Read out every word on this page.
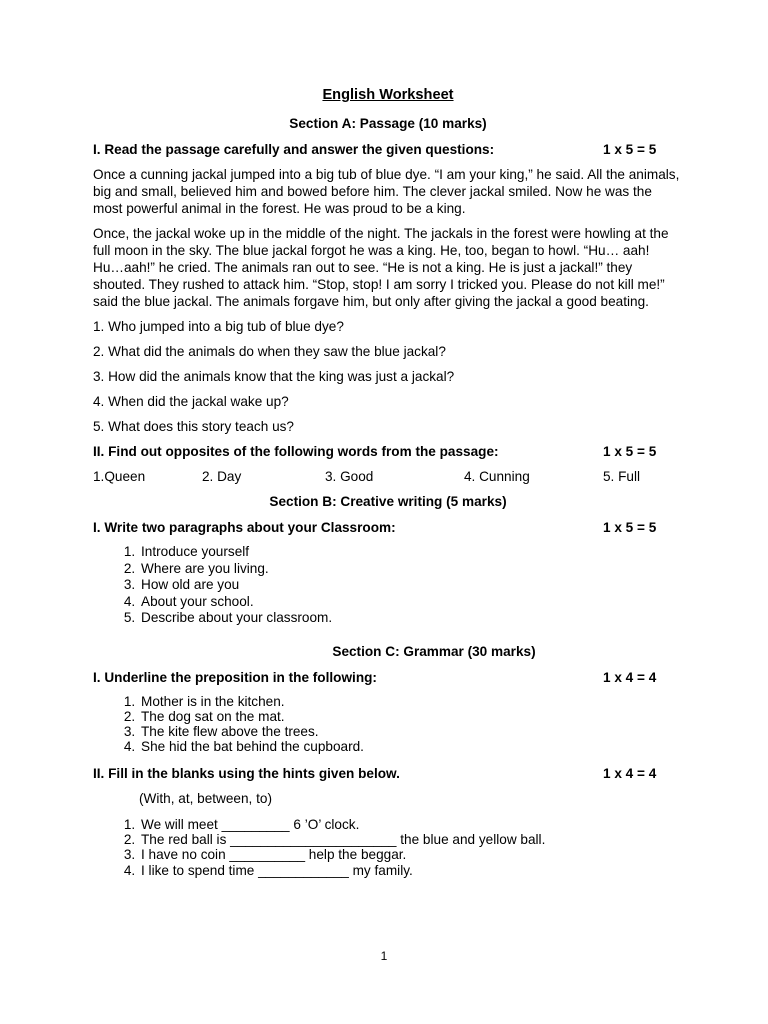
English Worksheet
Section A: Passage (10 marks)
I. Read the passage carefully and answer the given questions:	1 x 5 = 5

Once a cunning jackal jumped into a big tub of blue dye. “I am your king,” he said. All the animals, big and small, believed him and bowed before him. The clever jackal smiled. Now he was the most powerful animal in the forest. He was proud to be a king.

Once, the jackal woke up in the middle of the night. The jackals in the forest were howling at the full moon in the sky. The blue jackal forgot he was a king. He, too, began to howl. “Hu… aah! Hu…aah!” he cried. The animals ran out to see. “He is not a king. He is just a jackal!” they shouted. They rushed to attack him. “Stop, stop! I am sorry I tricked you. Please do not kill me!” said the blue jackal. The animals forgave him, but only after giving the jackal a good beating.

1. Who jumped into a big tub of blue dye?
2. What did the animals do when they saw the blue jackal?
3. How did the animals know that the king was just a jackal?
4. When did the jackal wake up?
5. What does this story teach us?
II. Find out opposites of the following words from the passage:	1 x 5 = 5
1.Queen	2. Day	3. Good	4. Cunning	5. Full
Section B: Creative writing (5 marks)
I. Write two paragraphs about your Classroom:	1 x 5 = 5
1. Introduce yourself
2. Where are you living.
3. How old are you
4. About your school.
5. Describe about your classroom.
Section C: Grammar (30 marks)
I. Underline the preposition in the following:	1 x 4 = 4
1. Mother is in the kitchen.
2. The dog sat on the mat.
3. The kite flew above the trees.
4. She hid the bat behind the cupboard.
II. Fill in the blanks using the hints given below.	1 x 4 = 4
(With, at, between, to)
1. We will meet _________ 6 ’O’ clock.
2. The red ball is ______________________ the blue and yellow ball.
3. I have no coin __________ help the beggar.
4. I like to spend time ____________ my family.
1
